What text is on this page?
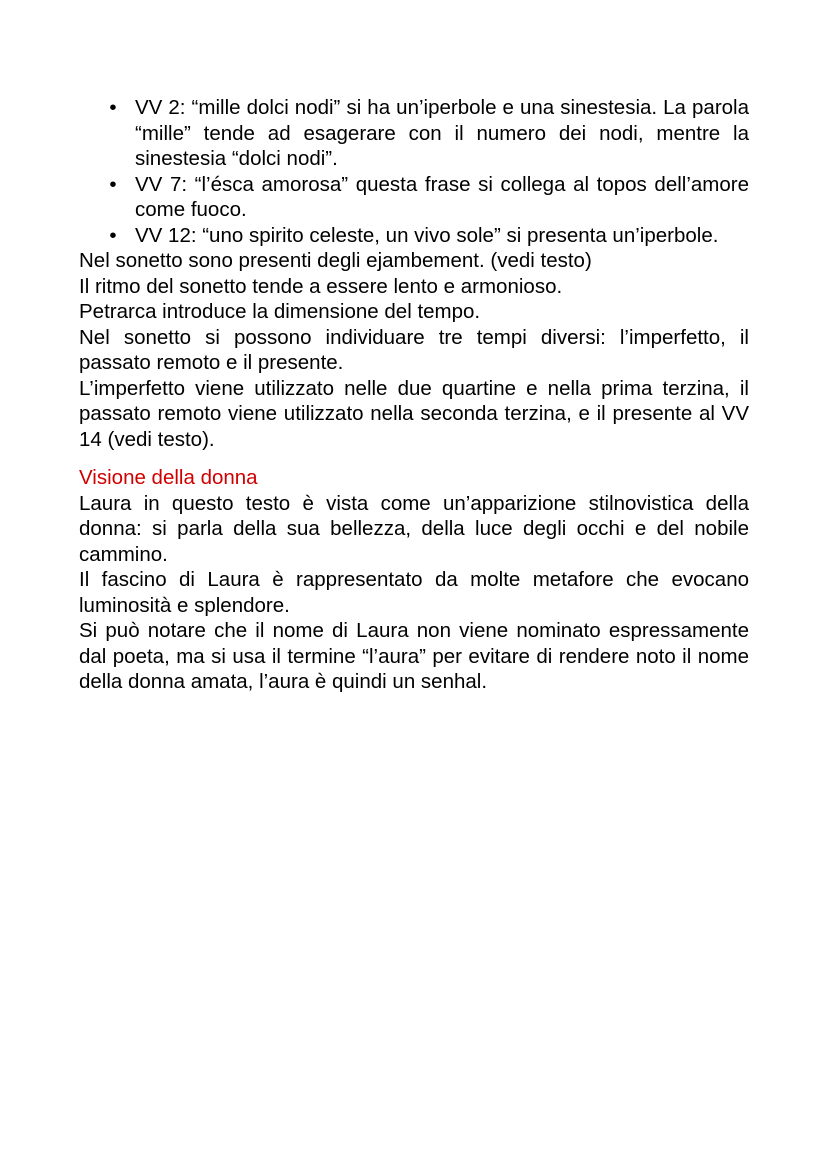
• VV 2: “mille dolci nodi” si ha un’iperbole e una sinestesia. La parola “mille” tende ad esagerare con il numero dei nodi, mentre la sinestesia “dolci nodi”.
• VV 7: “l’ésca amorosa” questa frase si collega al topos dell’amore come fuoco.
• VV 12: “uno spirito celeste, un vivo sole” si presenta un’iperbole.

Nel sonetto sono presenti degli ejambement. (vedi testo)

Il ritmo del sonetto tende a essere lento e armonioso.

Petrarca introduce la dimensione del tempo.

Nel sonetto si possono individuare tre tempi diversi: l’imperfetto, il passato remoto e il presente.

L’imperfetto viene utilizzato nelle due quartine e nella prima terzina, il passato remoto viene utilizzato nella seconda terzina, e il presente al VV 14 (vedi testo).

Visione della donna

Laura in questo testo è vista come un’apparizione stilnovistica della donna: si parla della sua bellezza, della luce degli occhi e del nobile cammino.

Il fascino di Laura è rappresentato da molte metafore che evocano luminosità e splendore.

Si può notare che il nome di Laura non viene nominato espressamente dal poeta, ma si usa il termine “l’aura” per evitare di rendere noto il nome della donna amata, l’aura è quindi un senhal.
